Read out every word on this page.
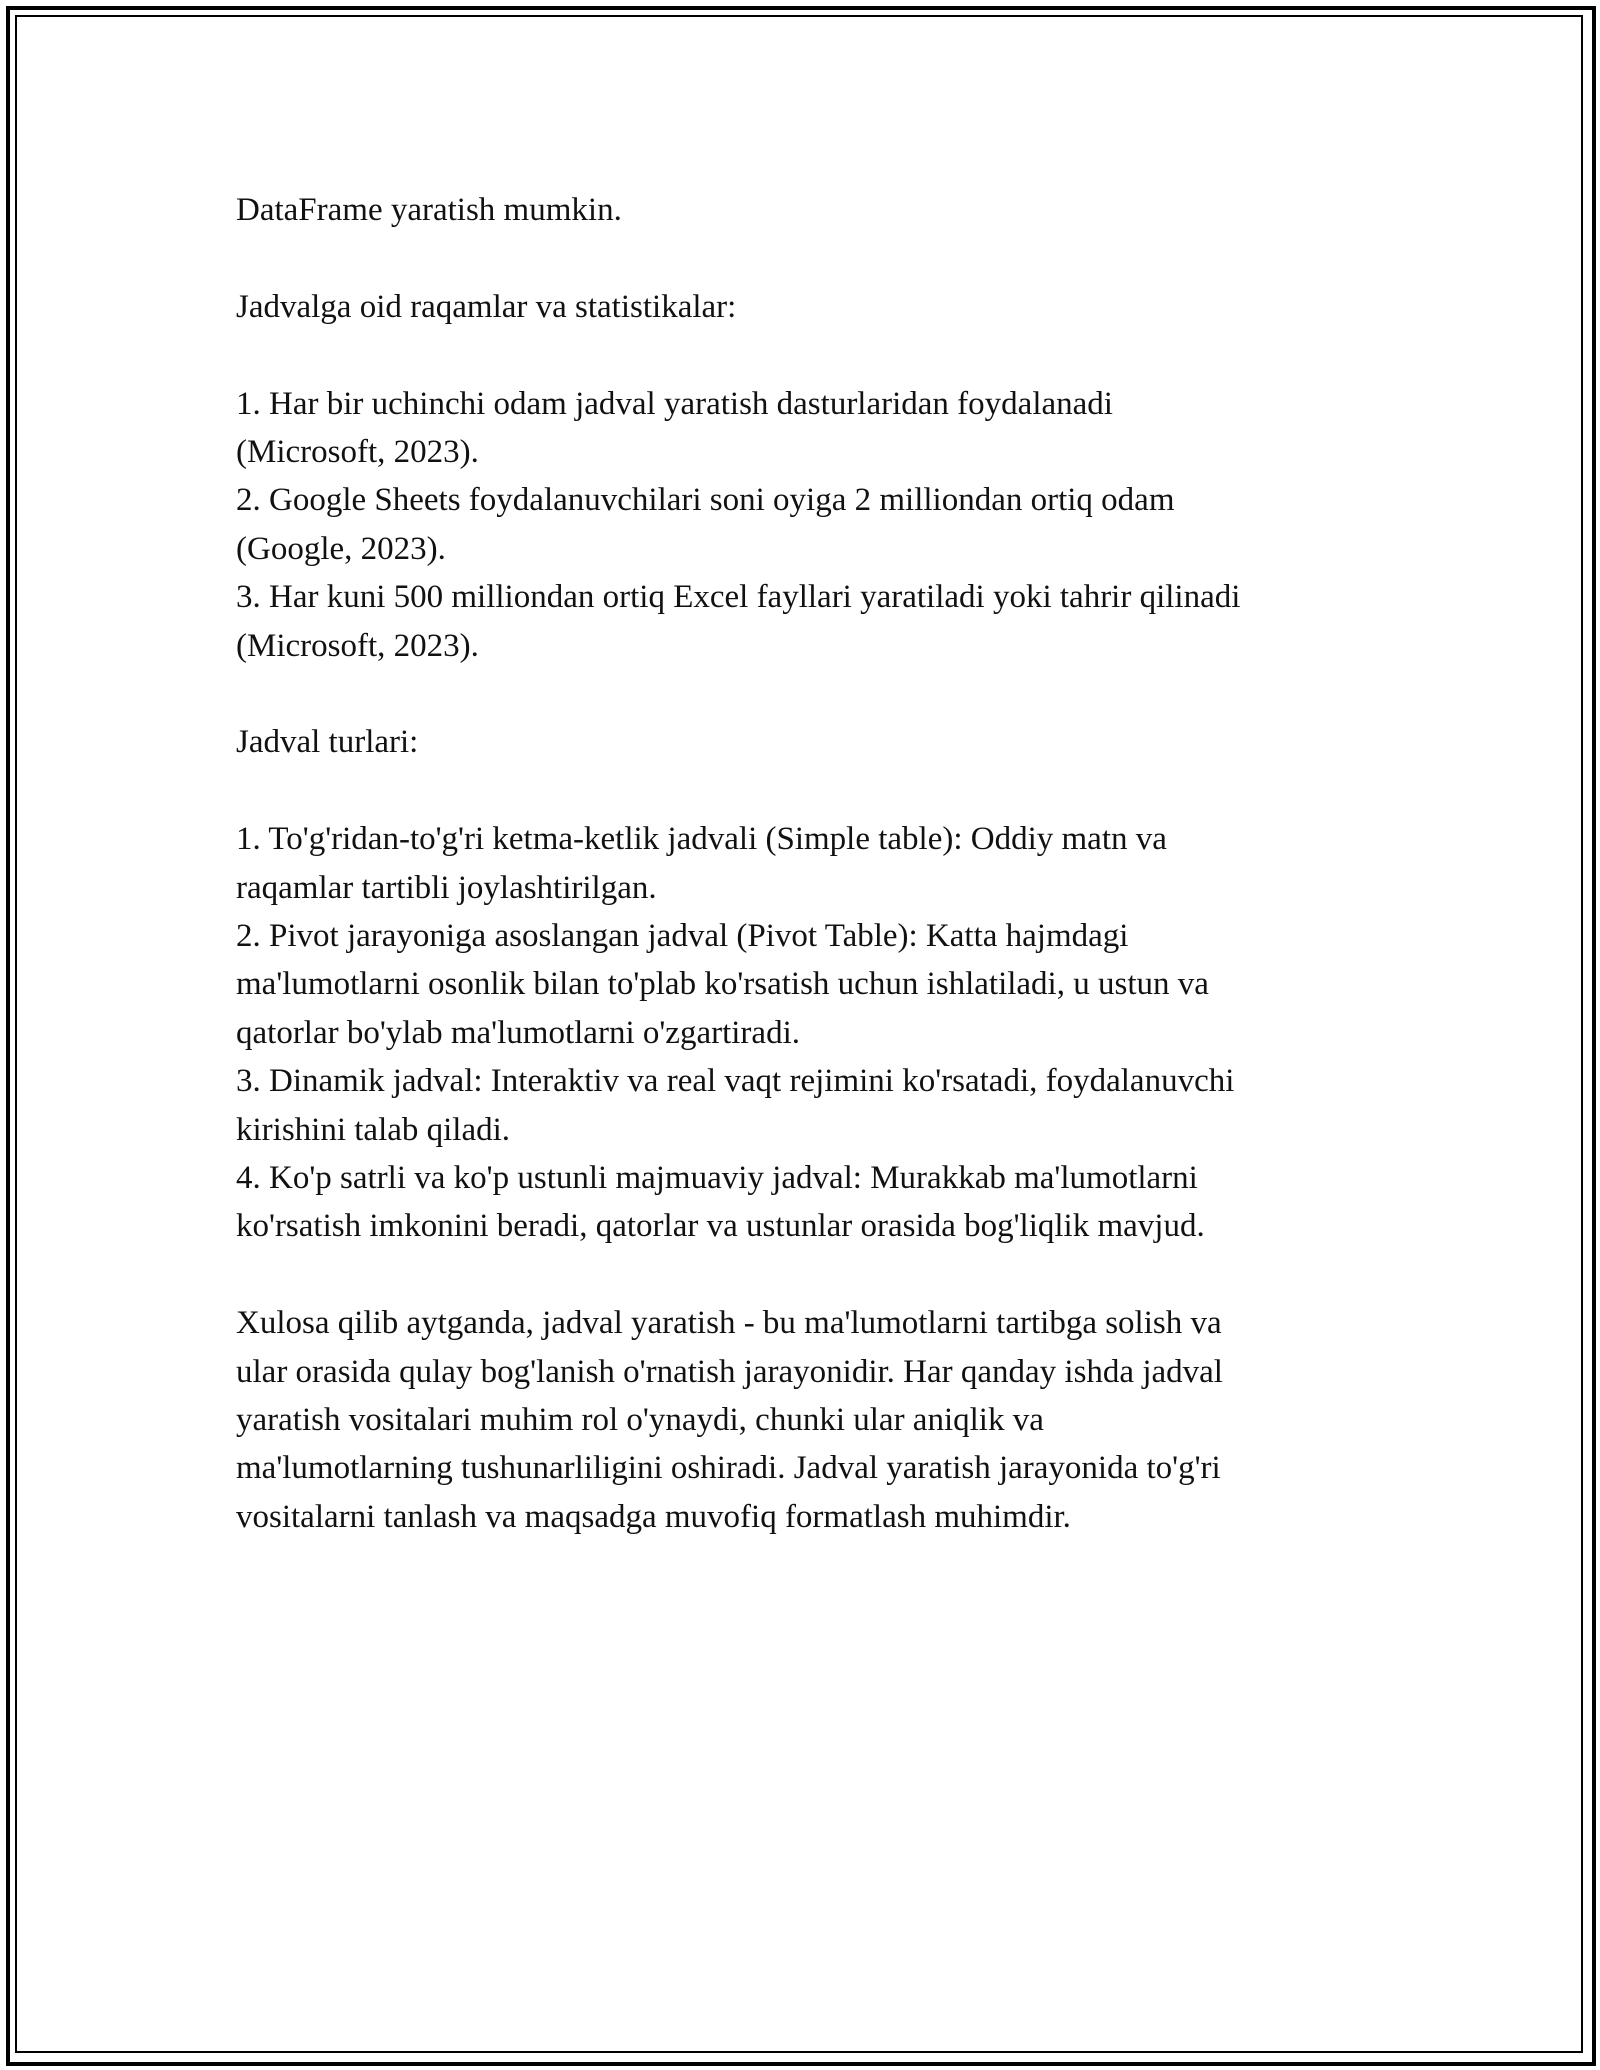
DataFrame yaratish mumkin.

Jadvalga oid raqamlar va statistikalar:

1. Har bir uchinchi odam jadval yaratish dasturlaridan foydalanadi
(Microsoft, 2023).

2. Google Sheets foydalanuvchilari soni oyiga 2 milliondan ortiq odam
(Google, 2023).

3. Har kuni 500 milliondan ortiq Excel fayllari yaratiladi yoki tahrir qilinadi
(Microsoft, 2023).

Jadval turlari:

1. To'g'ridan-to'g'ri ketma-ketlik jadvali (Simple table): Oddiy matn va
raqamlar tartibli joylashtirilgan.

2. Pivot jarayoniga asoslangan jadval (Pivot Table): Katta hajmdagi
ma'lumotlarni osonlik bilan to'plab ko'rsatish uchun ishlatiladi, u ustun va
qatorlar bo'ylab ma'lumotlarni o'zgartiradi.

3. Dinamik jadval: Interaktiv va real vaqt rejimini ko'rsatadi, foydalanuvchi
kirishini talab qiladi.

4. Ko'p satrli va ko'p ustunli majmuaviy jadval: Murakkab ma'lumotlarni
ko'rsatish imkonini beradi, qatorlar va ustunlar orasida bog'liqlik mavjud.

Xulosa qilib aytganda, jadval yaratish - bu ma'lumotlarni tartibga solish va
ular orasida qulay bog'lanish o'rnatish jarayonidir. Har qanday ishda jadval
yaratish vositalari muhim rol o'ynaydi, chunki ular aniqlik va
ma'lumotlarning tushunarliligini oshiradi. Jadval yaratish jarayonida to'g'ri
vositalarni tanlash va maqsadga muvofiq formatlash muhimdir.
